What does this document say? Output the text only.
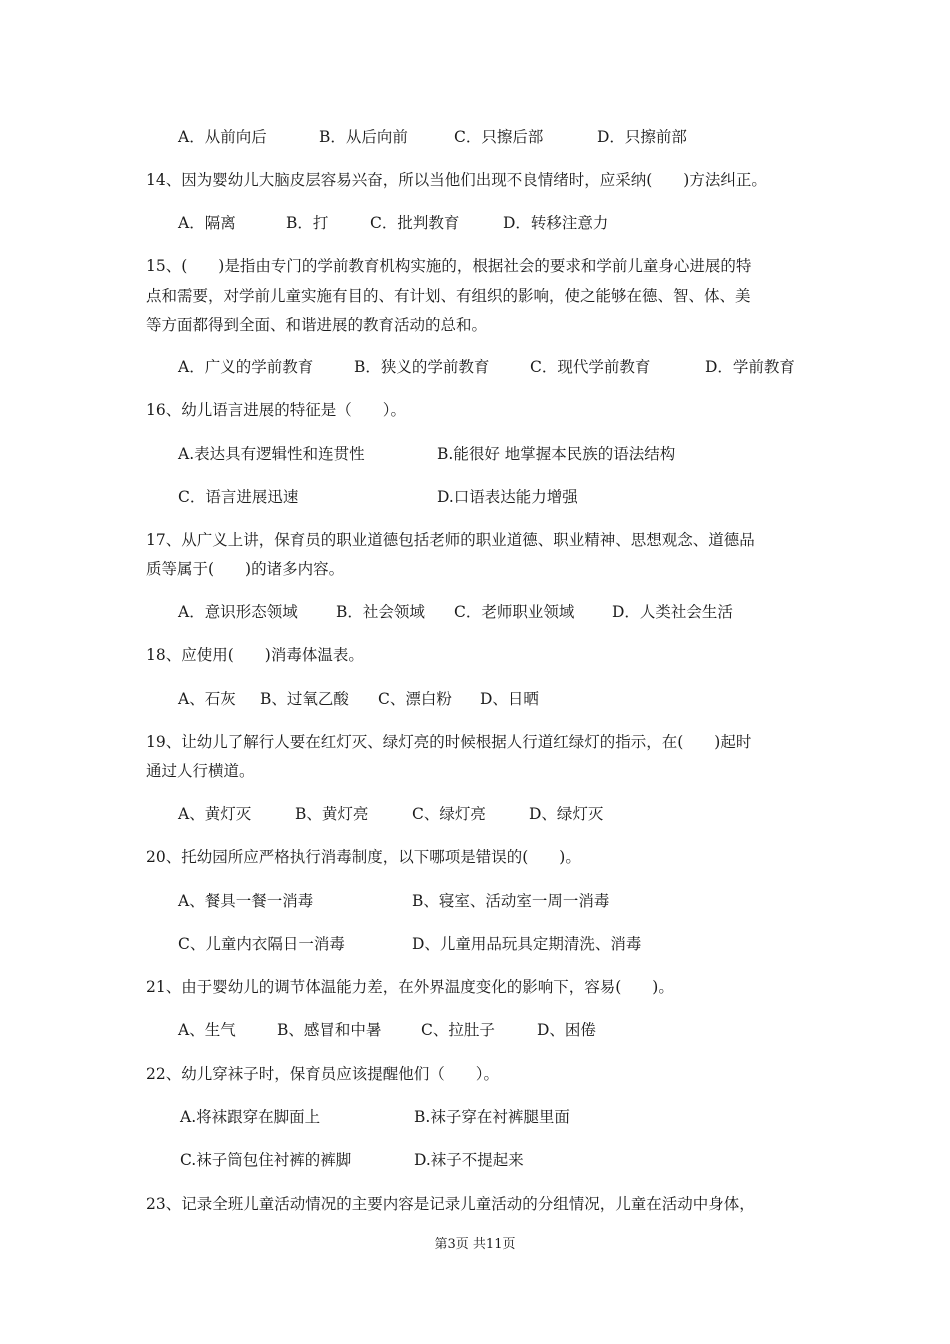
A．从前向后	B．从后向前	C．只擦后部	D．只擦前部
14、因为婴幼儿大脑皮层容易兴奋，所以当他们出现不良情绪时，应采纳(　　)方法纠正。
A．隔离	B．打	C．批判教育	D．转移注意力
15、(　　)是指由专门的学前教育机构实施的，根据社会的要求和学前儿童身心进展的特
点和需要，对学前儿童实施有目的、有计划、有组织的影响，使之能够在德、智、体、美
等方面都得到全面、和谐进展的教育活动的总和。
A．广义的学前教育	B．狭义的学前教育	C．现代学前教育	D．学前教育
16、幼儿语言进展的特征是（　　）。
A.表达具有逻辑性和连贯性	B.能很好 地掌握本民族的语法结构
C．语言进展迅速	D.口语表达能力增强
17、从广义上讲，保育员的职业道德包括老师的职业道德、职业精神、思想观念、道德品
质等属于(　　)的诸多内容。
A．意识形态领域 B．社会领域 C．老师职业领域 D．人类社会生活
18、应使用(　　)消毒体温表。
A、石灰 B、过氧乙酸 C、漂白粉 D、日晒
19、让幼儿了解行人要在红灯灭、绿灯亮的时候根据人行道红绿灯的指示，在(　　)起时
通过人行横道。
A、黄灯灭	B、黄灯亮	C、绿灯亮	D、绿灯灭
20、托幼园所应严格执行消毒制度，以下哪项是错误的(　　)。
A、餐具一餐一消毒	B、寝室、活动室一周一消毒
C、儿童内衣隔日一消毒	D、儿童用品玩具定期清洗、消毒
21、由于婴幼儿的调节体温能力差，在外界温度变化的影响下，容易(　　)。
A、生气	B、感冒和中暑	C、拉肚子	D、困倦
22、幼儿穿袜子时，保育员应该提醒他们（　　）。
A.将袜跟穿在脚面上	B.袜子穿在衬裤腿里面
C.袜子筒包住衬裤的裤脚	D.袜子不提起来
23、记录全班儿童活动情况的主要内容是记录儿童活动的分组情况，儿童在活动中身体，
第3页 共11页
